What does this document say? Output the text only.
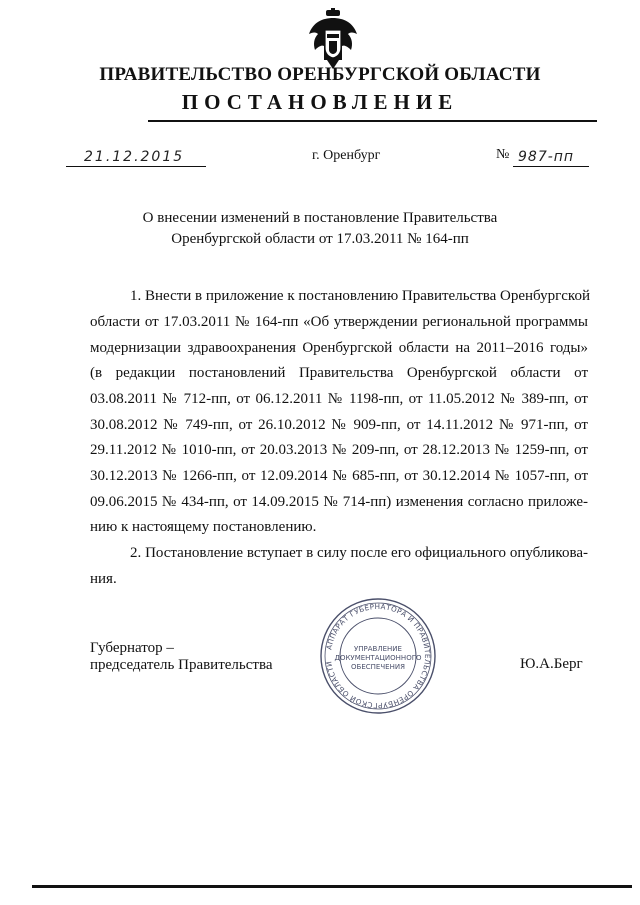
ПРАВИТЕЛЬСТВО ОРЕНБУРГСКОЙ ОБЛАСТИ
ПОСТАНОВЛЕНИЕ
21.12.2015	г. Оренбург	№ 987-пп
О внесении изменений в постановление Правительства
Оренбургской области от 17.03.2011 № 164-пп
1. Внести в приложение к постановлению Правительства Оренбургской
области от 17.03.2011 № 164-пп «Об утверждении региональной программы
модернизации здравоохранения Оренбургской области на 2011–2016 годы»
(в редакции постановлений Правительства Оренбургской области от
03.08.2011 № 712-пп, от 06.12.2011 № 1198-пп, от 11.05.2012 № 389-пп, от
30.08.2012 № 749-пп, от 26.10.2012 № 909-пп, от 14.11.2012 № 971-пп, от
29.11.2012 № 1010-пп, от 20.03.2013 № 209-пп, от 28.12.2013 № 1259-пп, от
30.12.2013 № 1266-пп, от 12.09.2014 № 685-пп, от 30.12.2014 № 1057-пп, от
09.06.2015 № 434-пп, от 14.09.2015 № 714-пп) изменения согласно приложе-
нию к настоящему постановлению.
2. Постановление вступает в силу после его официального опубликова-
ния.
Губернатор –
председатель Правительства	Ю.А.Берг
АППАРАТ ГУБЕРНАТОРА И ПРАВИТЕЛЬСТВА ОРЕНБУРГСКОЙ ОБЛАСТИ
УПРАВЛЕНИЕ
ДОКУМЕНТАЦИОННОГО
ОБЕСПЕЧЕНИЯ
